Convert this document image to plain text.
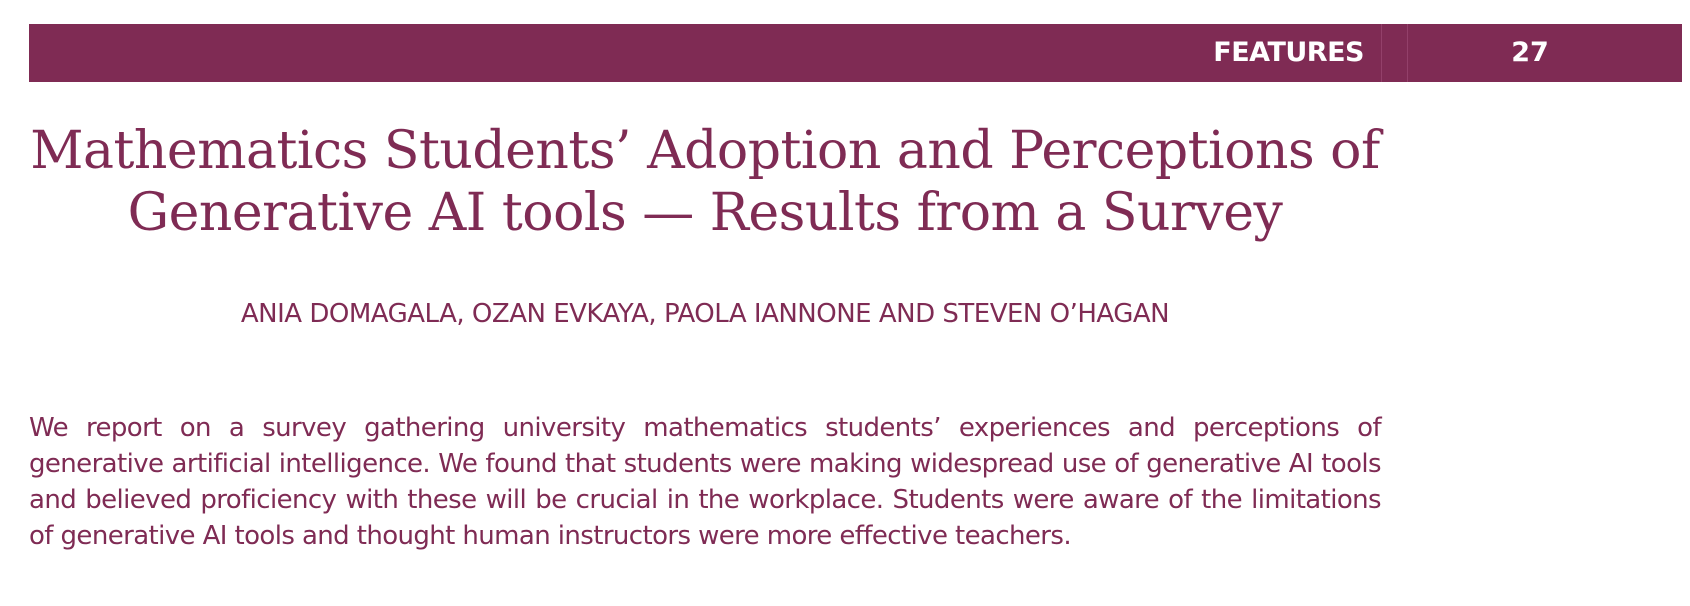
FEATURES	27
Mathematics Students’ Adoption and Perceptions of
Generative AI tools — Results from a Survey
ANIA DOMAGALA, OZAN EVKAYA, PAOLA IANNONE AND STEVEN O’HAGAN

We report on a survey gathering university mathematics students’ experiences and perceptions of generative artificial intelligence. We found that students were making widespread use of generative AI tools and believed proficiency with these will be crucial in the workplace. Students were aware of the limitations of generative AI tools and thought human instructors were more effective teachers.
